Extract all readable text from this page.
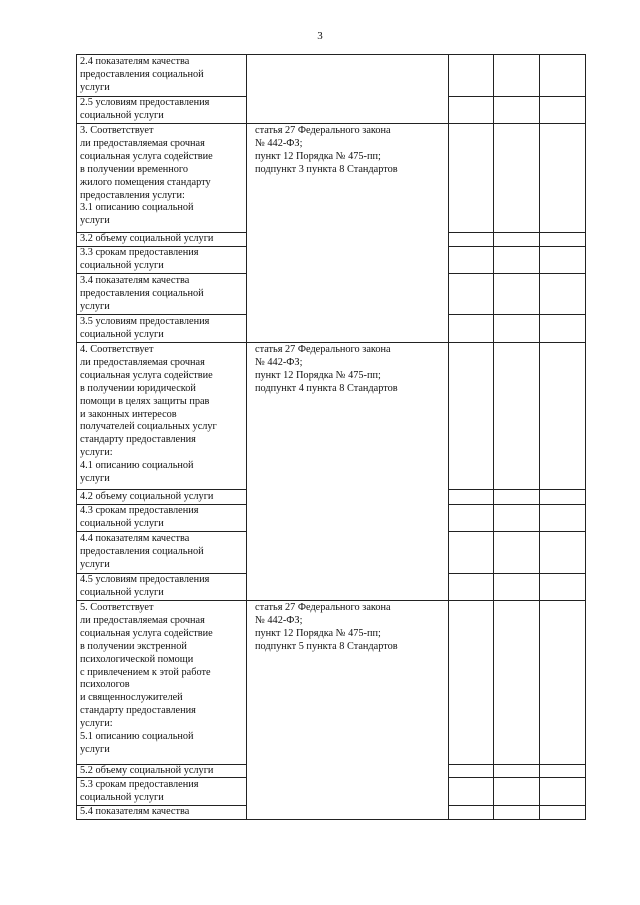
3
2.4 показателям качества
предоставления социальной
услуги
2.5 условиям предоставления
социальной услуги
3. Соответствует
ли предоставляемая срочная
социальная услуга содействие
в получении временного
жилого помещения стандарту
предоставления услуги:
3.1 описанию социальной
услуги
3.2 объему социальной услуги
3.3 срокам предоставления
социальной услуги
3.4 показателям качества
предоставления социальной
услуги
3.5 условиям предоставления
социальной услуги
4. Соответствует
ли предоставляемая срочная
социальная услуга содействие
в получении юридической
помощи в целях защиты прав
и законных интересов
получателей социальных услуг
стандарту предоставления
услуги:
4.1 описанию социальной
услуги
4.2 объему социальной услуги
4.3 срокам предоставления
социальной услуги
4.4 показателям качества
предоставления социальной
услуги
4.5 условиям предоставления
социальной услуги
5. Соответствует
ли предоставляемая срочная
социальная услуга содействие
в получении экстренной
психологической помощи
с привлечением к этой работе
психологов
и священнослужителей
стандарту предоставления
услуги:
5.1 описанию социальной
услуги
5.2 объему социальной услуги
5.3 срокам предоставления
социальной услуги
5.4 показателям качества
статья 27 Федерального закона
№ 442-ФЗ;
пункт 12 Порядка № 475-пп;
подпункт 3 пункта 8 Стандартов
статья 27 Федерального закона
№ 442-ФЗ;
пункт 12 Порядка № 475-пп;
подпункт 4 пункта 8 Стандартов
статья 27 Федерального закона
№ 442-ФЗ;
пункт 12 Порядка № 475-пп;
подпункт 5 пункта 8 Стандартов
